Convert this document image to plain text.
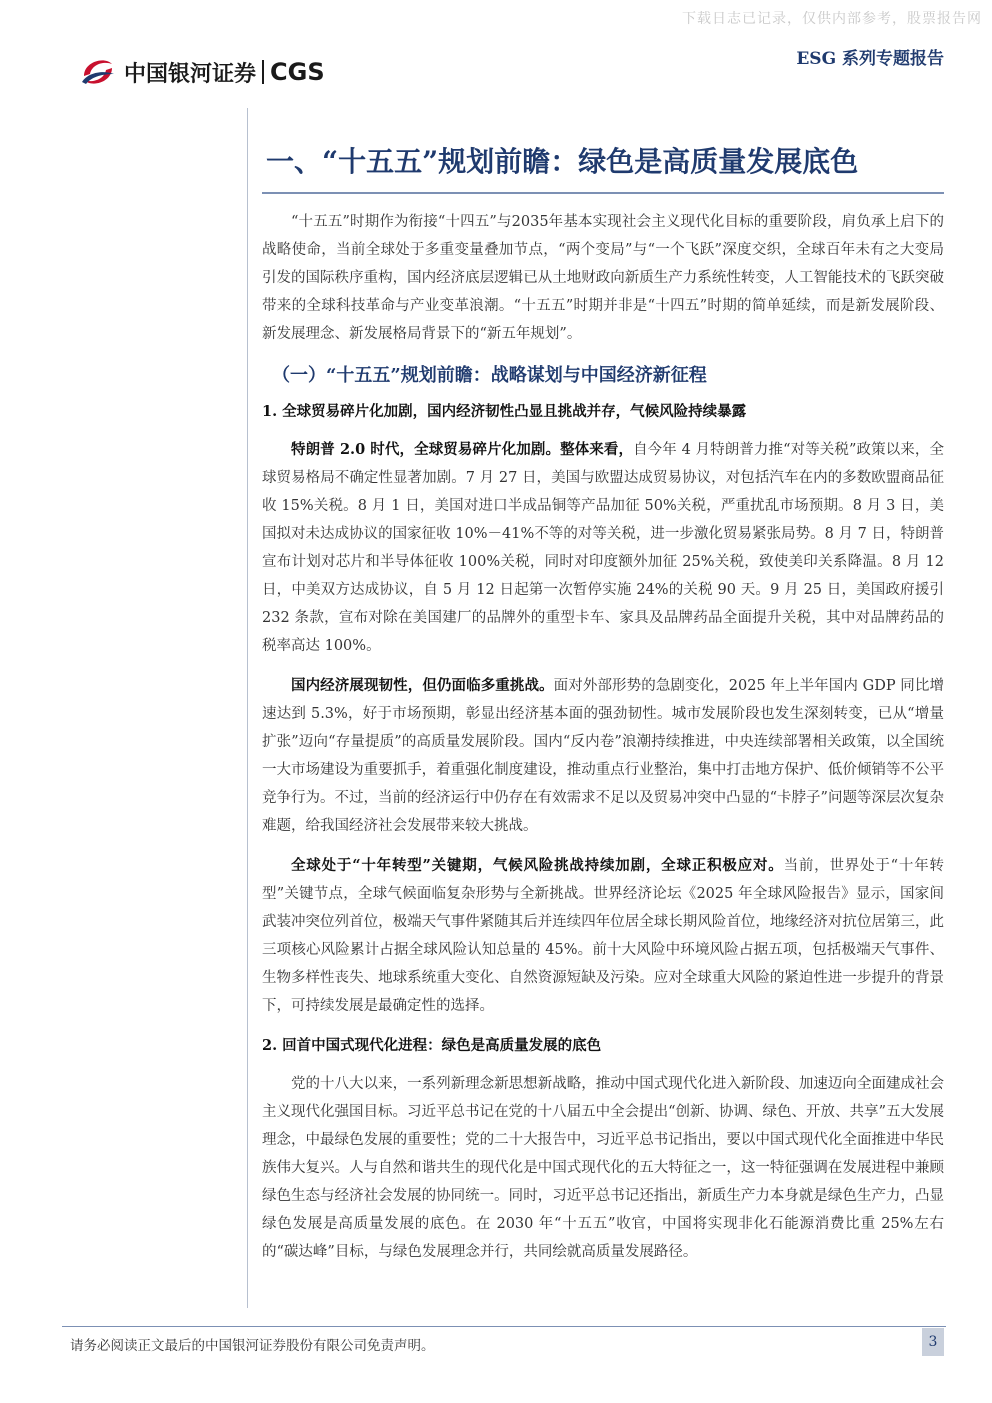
下载日志已记录，仅供内部参考，股票报告网
ESG 系列专题报告
中国银河证券 CGS
一、“十五五”规划前瞻：绿色是高质量发展底色

“十五五”时期作为衔接“十四五”与2035年基本实现社会主义现代化目标的重要阶段，肩负承上启下的战略使命，当前全球处于多重变量叠加节点，“两个变局”与“一个飞跃”深度交织，全球百年未有之大变局引发的国际秩序重构，国内经济底层逻辑已从土地财政向新质生产力系统性转变，人工智能技术的飞跃突破带来的全球科技革命与产业变革浪潮。“十五五”时期并非是“十四五”时期的简单延续，而是新发展阶段、新发展理念、新发展格局背景下的“新五年规划”。

（一）“十五五”规划前瞻：战略谋划与中国经济新征程
1. 全球贸易碎片化加剧，国内经济韧性凸显且挑战并存，气候风险持续暴露

特朗普 2.0 时代，全球贸易碎片化加剧。整体来看，自今年 4 月特朗普力推“对等关税”政策以来，全球贸易格局不确定性显著加剧。7 月 27 日，美国与欧盟达成贸易协议，对包括汽车在内的多数欧盟商品征收 15%关税。8 月 1 日，美国对进口半成品铜等产品加征 50%关税，严重扰乱市场预期。8 月 3 日，美国拟对未达成协议的国家征收 10%－41%不等的对等关税，进一步激化贸易紧张局势。8 月 7 日，特朗普宣布计划对芯片和半导体征收 100%关税，同时对印度额外加征 25%关税，致使美印关系降温。8 月 12 日，中美双方达成协议，自 5 月 12 日起第一次暂停实施 24%的关税 90 天。9 月 25 日，美国政府援引 232 条款，宣布对除在美国建厂的品牌外的重型卡车、家具及品牌药品全面提升关税，其中对品牌药品的税率高达 100%。

国内经济展现韧性，但仍面临多重挑战。面对外部形势的急剧变化，2025 年上半年国内 GDP 同比增速达到 5.3%，好于市场预期，彰显出经济基本面的强劲韧性。城市发展阶段也发生深刻转变，已从“增量扩张”迈向“存量提质”的高质量发展阶段。国内“反内卷”浪潮持续推进，中央连续部署相关政策，以全国统一大市场建设为重要抓手，着重强化制度建设，推动重点行业整治，集中打击地方保护、低价倾销等不公平竞争行为。不过，当前的经济运行中仍存在有效需求不足以及贸易冲突中凸显的“卡脖子”问题等深层次复杂难题，给我国经济社会发展带来较大挑战。

全球处于“十年转型”关键期，气候风险挑战持续加剧，全球正积极应对。当前，世界处于“十年转型”关键节点，全球气候面临复杂形势与全新挑战。世界经济论坛《2025 年全球风险报告》显示，国家间武装冲突位列首位，极端天气事件紧随其后并连续四年位居全球长期风险首位，地缘经济对抗位居第三，此三项核心风险累计占据全球风险认知总量的 45%。前十大风险中环境风险占据五项，包括极端天气事件、生物多样性丧失、地球系统重大变化、自然资源短缺及污染。应对全球重大风险的紧迫性进一步提升的背景下，可持续发展是最确定性的选择。

2. 回首中国式现代化进程：绿色是高质量发展的底色

党的十八大以来，一系列新理念新思想新战略，推动中国式现代化进入新阶段、加速迈向全面建成社会主义现代化强国目标。习近平总书记在党的十八届五中全会提出“创新、协调、绿色、开放、共享”五大发展理念，中最绿色发展的重要性；党的二十大报告中，习近平总书记指出，要以中国式现代化全面推进中华民族伟大复兴。人与自然和谐共生的现代化是中国式现代化的五大特征之一，这一特征强调在发展进程中兼顾绿色生态与经济社会发展的协同统一。同时，习近平总书记还指出，新质生产力本身就是绿色生产力，凸显绿色发展是高质量发展的底色。在 2030 年“十五五”收官，中国将实现非化石能源消费比重 25%左右的“碳达峰”目标，与绿色发展理念并行，共同绘就高质量发展路径。

请务必阅读正文最后的中国银河证券股份有限公司免责声明。	3
